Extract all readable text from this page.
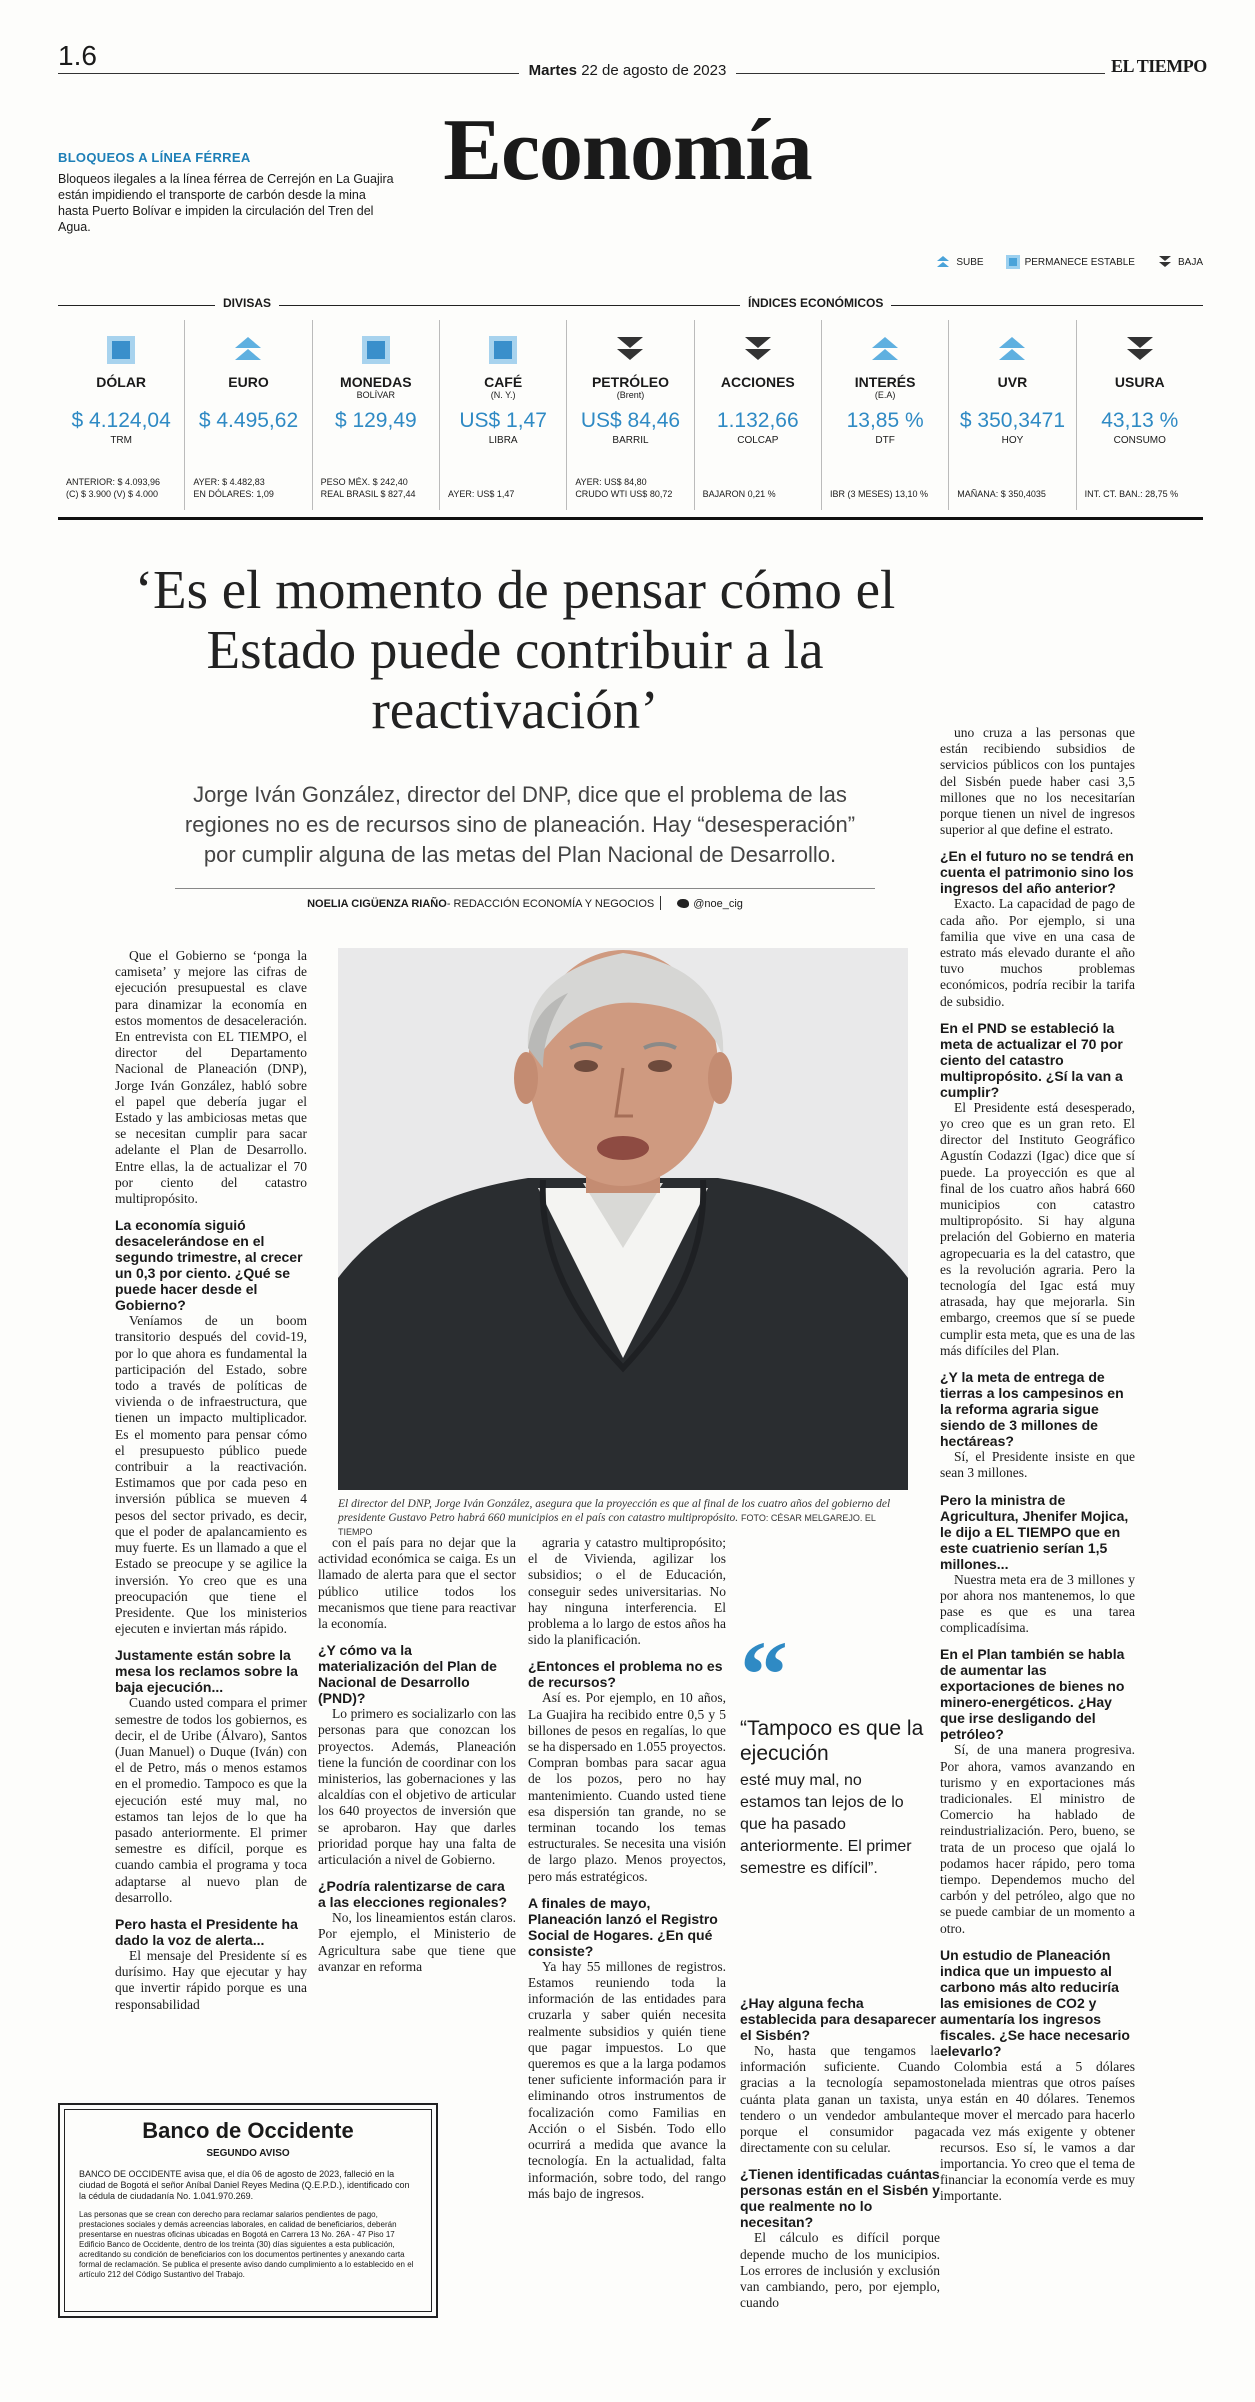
1.6	Martes 22 de agosto de 2023	EL TIEMPO
Economía
BLOQUEOS A LÍNEA FÉRREA

Bloqueos ilegales a la línea férrea de Cerrejón en La Guajira están impidiendo el transporte de carbón desde la mina hasta Puerto Bolívar e impiden la circulación del Tren del Agua.

SUBE	PERMANECE ESTABLE	BAJA
DIVISAS	ÍNDICES ECONÓMICOS
DÓLAR
$ 4.124,04
TRM
ANTERIOR: $ 4.093,96
(C) $ 3.900 (V) $ 4.000
EURO
$ 4.495,62
AYER: $ 4.482,83
EN DÓLARES: 1,09
MONEDAS
BOLÍVAR
$ 129,49
PESO MÉX. $ 242,40
REAL BRASIL $ 827,44
CAFÉ
(N. Y.)
US$ 1,47
LIBRA
AYER: US$ 1,47
PETRÓLEO
(Brent)
US$ 84,46
BARRIL
AYER: US$ 84,80
CRUDO WTI US$ 80,72
ACCIONES
1.132,66
COLCAP
BAJARON 0,21 %
INTERÉS
(E.A)
13,85 %
DTF
IBR (3 MESES) 13,10 %
UVR
$ 350,3471
HOY
MAÑANA: $ 350,4035
USURA
43,13 %
CONSUMO
INT. CT. BAN.: 28,75 %
‘Es el momento de pensar cómo el Estado puede contribuir a la reactivación’
Jorge Iván González, director del DNP, dice que el problema de las regiones no es de recursos sino de planeación. Hay “desesperación” por cumplir alguna de las metas del Plan Nacional de Desarrollo.
NOELIA CIGÜENZA RIAÑO- REDACCIÓN ECONOMÍA Y NEGOCIOS	@noe_cig
El director del DNP, Jorge Iván González, asegura que la proyección es que al final de los cuatro años del gobierno del presidente Gustavo Petro habrá 660 municipios en el país con catastro multipropósito. FOTO: CÉSAR MELGAREJO. EL TIEMPO

Que el Gobierno se ‘ponga la camiseta’ y mejore las cifras de ejecución presupuestal es clave para dinamizar la economía en estos momentos de desaceleración. En entrevista con EL TIEMPO, el director del Departamento Nacional de Planeación (DNP), Jorge Iván González, habló sobre el papel que debería jugar el Estado y las ambiciosas metas que se necesitan cumplir para sacar adelante el Plan de Desarrollo. Entre ellas, la de actualizar el 70 por ciento del catastro multipropósito.

La economía siguió desacelerándose en el segundo trimestre, al crecer un 0,3 por ciento. ¿Qué se puede hacer desde el Gobierno?

Veníamos de un boom transitorio después del covid-19, por lo que ahora es fundamental la participación del Estado, sobre todo a través de políticas de vivienda o de infraestructura, que tienen un impacto multiplicador. Es el momento para pensar cómo el presupuesto público puede contribuir a la reactivación. Estimamos que por cada peso en inversión pública se mueven 4 pesos del sector privado, es decir, que el poder de apalancamiento es muy fuerte. Es un llamado a que el Estado se preocupe y se agilice la inversión. Yo creo que es una preocupación que tiene el Presidente. Que los ministerios ejecuten e inviertan más rápido.

Justamente están sobre la mesa los reclamos sobre la baja ejecución...

Cuando usted compara el primer semestre de todos los gobiernos, es decir, el de Uribe (Álvaro), Santos (Juan Manuel) o Duque (Iván) con el de Petro, más o menos estamos en el promedio. Tampoco es que la ejecución esté muy mal, no estamos tan lejos de lo que ha pasado anteriormente. El primer semestre es difícil, porque es cuando cambia el programa y toca adaptarse al nuevo plan de desarrollo.

Pero hasta el Presidente ha dado la voz de alerta...

El mensaje del Presidente sí es durísimo. Hay que ejecutar y hay que invertir rápido porque es una responsabilidad

con el país para no dejar que la actividad económica se caiga. Es un llamado de alerta para que el sector público utilice todos los mecanismos que tiene para reactivar la economía.

¿Y cómo va la materialización del Plan de Nacional de Desarrollo (PND)?

Lo primero es socializarlo con las personas para que conozcan los proyectos. Además, Planeación tiene la función de coordinar con los ministerios, las gobernaciones y las alcaldías con el objetivo de articular los 640 proyectos de inversión que se aprobaron. Hay que darles prioridad porque hay una falta de articulación a nivel de Gobierno.

¿Podría ralentizarse de cara a las elecciones regionales?

No, los lineamientos están claros. Por ejemplo, el Ministerio de Agricultura sabe que tiene que avanzar en reforma

agraria y catastro multipropósito; el de Vivienda, agilizar los subsidios; o el de Educación, conseguir sedes universitarias. No hay ninguna interferencia. El problema a lo largo de estos años ha sido la planificación.

¿Entonces el problema no es de recursos?

Así es. Por ejemplo, en 10 años, La Guajira ha recibido entre 0,5 y 5 billones de pesos en regalías, lo que se ha dispersado en 1.055 proyectos. Compran bombas para sacar agua de los pozos, pero no hay mantenimiento. Cuando usted tiene esa dispersión tan grande, no se terminan tocando los temas estructurales. Se necesita una visión de largo plazo. Menos proyectos, pero más estratégicos.

A finales de mayo, Planeación lanzó el Registro Social de Hogares. ¿En qué consiste?

Ya hay 55 millones de registros. Estamos reuniendo toda la información de las entidades para cruzarla y saber quién necesita realmente subsidios y quién tiene que pagar impuestos. Lo que queremos es que a la larga podamos tener suficiente información para ir eliminando otros instrumentos de focalización como Familias en Acción o el Sisbén. Todo ello ocurrirá a medida que avance la tecnología. En la actualidad, falta información, sobre todo, del rango más bajo de ingresos.

¿Hay alguna fecha establecida para desaparecer el Sisbén?

No, hasta que tengamos la información suficiente. Cuando gracias a la tecnología sepamos cuánta plata ganan un taxista, un tendero o un vendedor ambulante porque el consumidor paga directamente con su celular.

¿Tienen identificadas cuántas personas están en el Sisbén y que realmente no lo necesitan?

El cálculo es difícil porque depende mucho de los municipios. Los errores de inclusión y exclusión van cambiando, pero, por ejemplo, cuando

uno cruza a las personas que están recibiendo subsidios de servicios públicos con los puntajes del Sisbén puede haber casi 3,5 millones que no los necesitarían porque tienen un nivel de ingresos superior al que define el estrato.

¿En el futuro no se tendrá en cuenta el patrimonio sino los ingresos del año anterior?

Exacto. La capacidad de pago de cada año. Por ejemplo, si una familia que vive en una casa de estrato más elevado durante el año tuvo muchos problemas económicos, podría recibir la tarifa de subsidio.

En el PND se estableció la meta de actualizar el 70 por ciento del catastro multipropósito. ¿Sí la van a cumplir?

El Presidente está desesperado, yo creo que es un gran reto. El director del Instituto Geográfico Agustín Codazzi (Igac) dice que sí puede. La proyección es que al final de los cuatro años habrá 660 municipios con catastro multipropósito. Si hay alguna prelación del Gobierno en materia agropecuaria es la del catastro, que es la revolución agraria. Pero la tecnología del Igac está muy atrasada, hay que mejorarla. Sin embargo, creemos que sí se puede cumplir esta meta, que es una de las más difíciles del Plan.

¿Y la meta de entrega de tierras a los campesinos en la reforma agraria sigue siendo de 3 millones de hectáreas?

Sí, el Presidente insiste en que sean 3 millones.

Pero la ministra de Agricultura, Jhenifer Mojica, le dijo a EL TIEMPO que en este cuatrienio serían 1,5 millones...

Nuestra meta era de 3 millones y por ahora nos mantenemos, lo que pase es que es una tarea complicadísima.

En el Plan también se habla de aumentar las exportaciones de bienes no minero-energéticos. ¿Hay que irse desligando del petróleo?

Sí, de una manera progresiva. Por ahora, vamos avanzando en turismo y en exportaciones más tradicionales. El ministro de Comercio ha hablado de reindustrialización. Pero, bueno, se trata de un proceso que ojalá lo podamos hacer rápido, pero toma tiempo. Dependemos mucho del carbón y del petróleo, algo que no se puede cambiar de un momento a otro.

Un estudio de Planeación indica que un impuesto al carbono más alto reduciría las emisiones de CO2 y aumentaría los ingresos fiscales. ¿Se hace necesario elevarlo?

Colombia está a 5 dólares tonelada mientras que otros países ya están en 40 dólares. Tenemos que mover el mercado para hacerlo cada vez más exigente y obtener recursos. Eso sí, le vamos a dar importancia. Yo creo que el tema de financiar la economía verde es muy importante.

“
“Tampoco es que la ejecución
esté muy mal, no estamos tan lejos de lo que ha pasado anteriormente. El primer semestre es difícil”.
Banco de Occidente
SEGUNDO AVISO
BANCO DE OCCIDENTE avisa que, el día 06 de agosto de 2023, falleció en la ciudad de Bogotá el señor Aníbal Daniel Reyes Medina (Q.E.P.D.), identificado con la cédula de ciudadanía No. 1.041.970.269.
Las personas que se crean con derecho para reclamar salarios pendientes de pago, prestaciones sociales y demás acreencias laborales, en calidad de beneficiarios, deberán presentarse en nuestras oficinas ubicadas en Bogotá en Carrera 13 No. 26A - 47 Piso 17 Edificio Banco de Occidente, dentro de los treinta (30) días siguientes a esta publicación, acreditando su condición de beneficiarios con los documentos pertinentes y anexando carta formal de reclamación. Se publica el presente aviso dando cumplimiento a lo establecido en el artículo 212 del Código Sustantivo del Trabajo.
